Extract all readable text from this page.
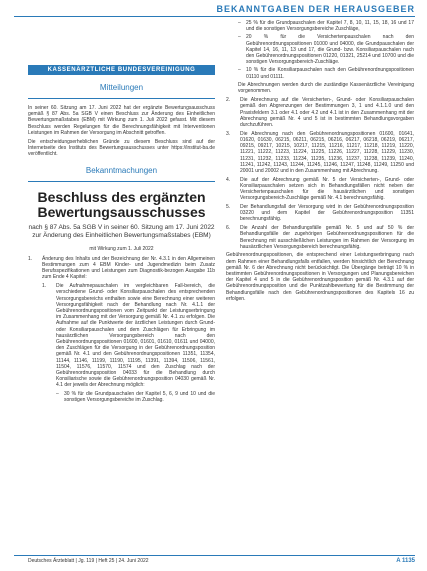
BEKANNTGABEN DER HERAUSGEBER
KASSENÄRZTLICHE BUNDESVEREINIGUNG
Mitteilungen

In seiner 60. Sitzung am 17. Juni 2022 hat der ergänzte Bewertungsausschuss gemäß § 87 Abs. 5a SGB V einen Beschluss zur Änderung des Einheitlichen Bewertungsmaßstabes (EBM) mit Wirkung zum 1. Juli 2022 gefasst. Mit diesem Beschluss werden Regelungen für die Berechnungsfähigkeit mit Interventionen Leistungen im Rahmen der Versorgung im Abschnitt getroffen.

Die entscheidungserheblichen Gründe zu diesem Beschluss sind auf der Internetseite des Instituts des Bewertungsausschusses unter https://institut-ba.de veröffentlicht.

Bekanntmachungen
Beschluss des ergänzten Bewertungsausschusses
nach § 87 Abs. 5a SGB V in seiner 60. Sitzung am 17. Juni 2022 zur Änderung des Einheitlichen Bewertungsmaßstabes (EBM)
mit Wirkung zum 1. Juli 2022
1.	Änderung des Inhalts und der Bezeichnung der Nr. 4.3.1 in den Allgemeinen Bestimmungen zum 4 EBM Kinder- und Jugendmedizin beim Zusatz Berufsspezifikationen und Leistungen zum Diagnostik-bezogen Ausgabe 11b zum Ende 4 Kapitel:
1.	Die Aufnahmepauschalen im vergleichbaren Fall-bereich, die verschiedene Grund- oder Konsiliarpauschalen des entsprechenden Versorgungsbereichs enthalten sowie eine Berechnung einer weiteren Versorgungsfähigkeit nach der Behandlung nach Nr. 4.1.1 der Gebührenordnungspositionen vom Zeitpunkt der Leistungserbringung im Zusammenhang mit der Versorgung gemäß Nr. 4.1 zu erfolgen. Die Aufnahme auf die Punktwerte der ärztlichen Leistungen durch Grund- oder Konsiliarpauschalen und dem Zuschlägen für Erbringung im hausärztlichen Versorgungsbereich nach den Gebührenordnungspositionen 01600, 01601, 01610, 01611 und 04000, den Zuschlägen für die Versorgung in der Gebührenordnungsposition gemäß Nr. 4.1 und den Gebührenordnungspositionen 11351, 11354, 11144, 11146, 11199, 11190, 11195, 11391, 11394, 11506, 11561, 11504, 11576, 11570, 11574 und den Zuschlag nach der Gebührenordnungsposition 04033 für die Behandlung durch Konsiliarische sowie die Gebührenordnungsposition 04030 gemäß Nr. 4.1 der jeweils der Abrechnung möglich:
–	30 % für die Grundpauschalen der Kapitel 5, 6, 9 und 10 und die sonstigen Versorgungsbereiche im Zuschlag.
–	25 % für die Grundpauschalen der Kapitel 7, 8, 10, 11, 15, 18, 16 und 17 und die sonstigen Versorgungsbereiche Zuschläge,
–	20 % für die Versichertenpauschalen nach den Gebührenordnungspositionen 01000 und 04000, die Grundpauschalen der Kapitel 14, 16, 11, 13 und 17, die Grund- bzw. Konsiliarpauschalen nach den Gebührenordnungspositionen 01220, 01321, 25214 und 10700 und die sonstigen Versorgungsbereich-Zuschläge.
–	10 % für die Konsiliarpauschalen nach den Gebührenordnungspositionen 01110 und 01111.

Die Abrechnungen werden durch die zuständige Kassenärztliche Vereinigung vorgenommen.

2.	Die Abrechnung auf die Versicherten-, Grund- oder Konsiliarpauschalen gemäß den Abgrenzungen der Bestimmungen 3, 1 und 4.1.1.0 und den Praxisfeldern 3.1 oder 4.1 oder 4.2 und 4.1 ist in den Zusammenhang mit der Abrechnung gemäß Nr. 4 und 5 ist in bestimmten Behandlungsvorgaben durchzuführen.
3.	Die Abrechnung nach den Gebührenordnungspositionen 01600, 01641, 01620, 01630, 06215, 06211, 06215, 06216, 06217, 06218, 06219, 06217, 09215, 09217, 10215, 10217, 11215, 11216, 11217, 11218, 11219, 11220, 11221, 11222, 11223, 11224, 11225, 11226, 11227, 11228, 11229, 11230, 11231, 11232, 11233, 11234, 11235, 11236, 11237, 11238, 11239, 11240, 11241, 11242, 11243, 11244, 11245, 11246, 11247, 11248, 11249, 11250 und 20001 und 20002 und in den Zusammenhang mit Abrechnung.
4.	Die auf der Abrechnung gemäß Nr. 5 der Versicherten-, Grund- oder Konsiliarpauschalen setzen sich in Behandlungsfällen nicht neben der Versichertenpauschalen für die hausärztlichen und sonstigen Versorgungsbereich-Zuschläge gemäß Nr. 4.1 berechnungsfähig.
5.	Der Behandlungsfall der Versorgung wird in der Gebührenordnungsposition 03220 und dem Kapitel der Gebührenordnungsposition 11351 berechnungsfähig.
6.	Die Anzahl der Behandlungsfälle gemäß Nr. 5 und auf 50 % der Behandlungsfälle der zugehörigen Gebührenordnungspositionen für die Berechnung mit ausschließlichen Leistungen im Rahmen der Versorgung im hausärztlichen Versorgungsbereich berechnungsfähig.

Gebührenordnungspositionen, die entsprechend einer Leistungserbringung nach dem Rahmen einer Behandlungsfalls entfallen, werden hinsichtlich der Berechnung gemäß Nr. 6 der Abrechnung nicht berücksichtigt. Die Übergänge beträgt 10 % in bestimmten Gebührenordnungspositionen in Versorgungen und Planungsbereichen der Kapitel 4 und 5 in die Gebührenordnungsposition gemäß Nr. 4.3.1 auf der Gebührenordnungsposition und die Punktzahlbewertung für die Bestimmung der Behandlungsfälle nach den Gebührenordnungspositionen des Kapitels 16 zu erfolgen.

Deutsches Ärzteblatt | Jg. 119 | Heft 25 | 24. Juni 2022	A 1135
